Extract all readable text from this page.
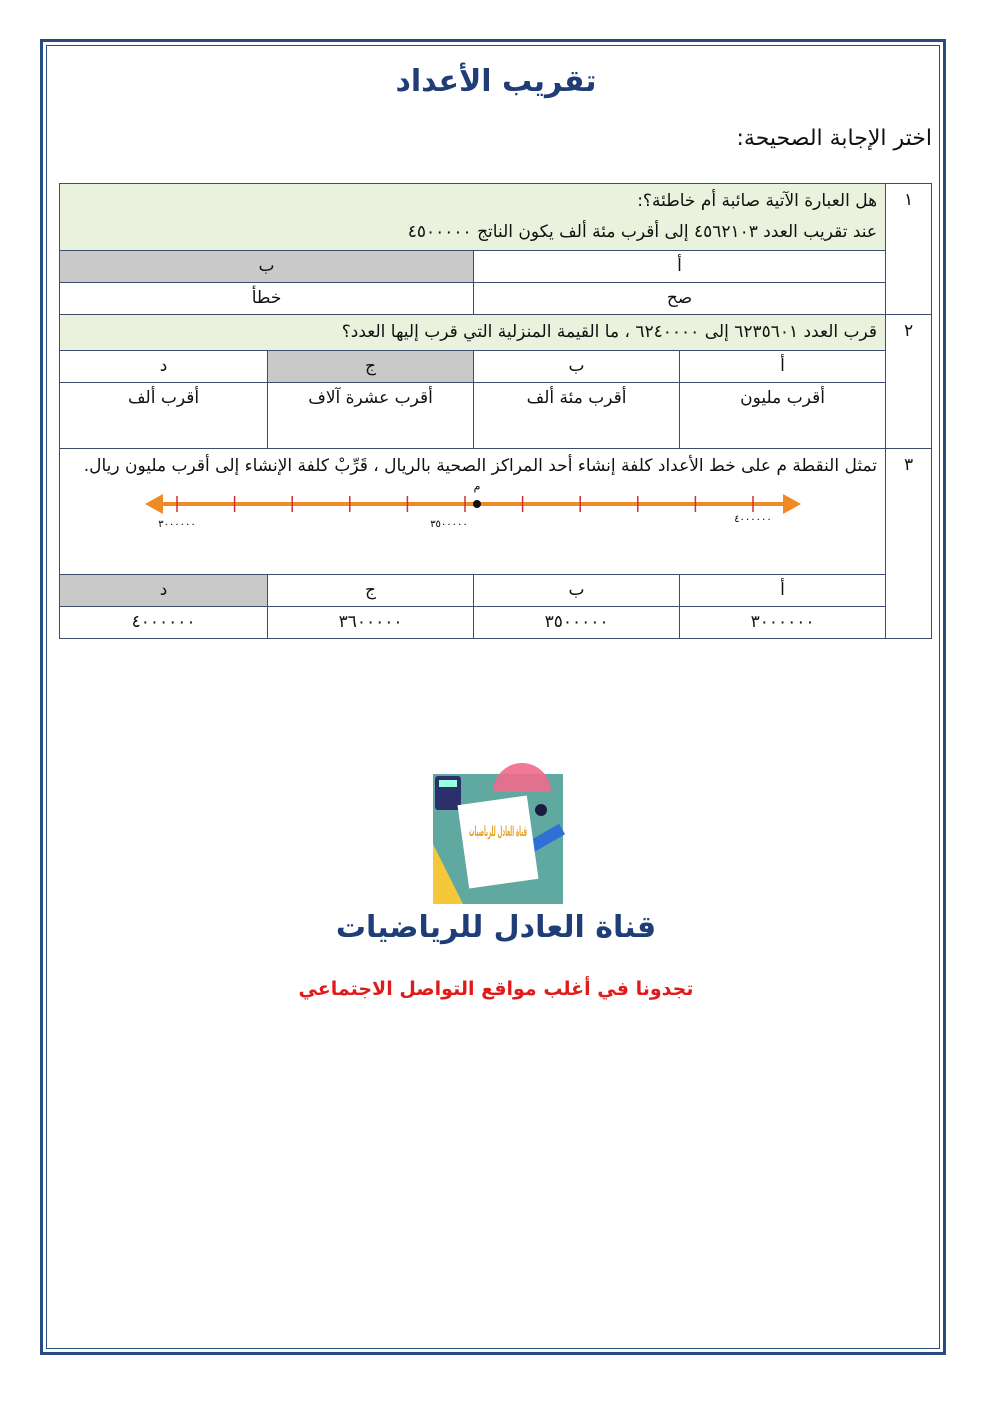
تقريب الأعداد
اختر الإجابة الصحيحة:
١	هل العبارة الآتية صائبة أم خاطئة؟:
عند تقريب العدد ٤٥٦٢١٠٣ إلى أقرب مئة ألف يكون الناتج ٤٥٠٠٠٠٠			

	أ		ب	
	صح		خطأ	
٢	قرب العدد ٦٢٣٥٦٠١ إلى ٦٢٤٠٠٠٠ ، ما القيمة المنزلية التي قرب إليها العدد؟			
	أ	ب	ج	د
	أقرب مليون	أقرب مئة ألف	أقرب عشرة آلاف	أقرب ألف
٣	تمثل النقطة م على خط الأعداد كلفة إنشاء أحد المراكز الصحية بالريال ، قَرِّبْ كلفة الإنشاء إلى أقرب مليون ريال.
م
٣٠٠٠٠٠٠ ٣٥٠٠٠٠٠ ٤٠٠٠٠٠٠			

	أ	ب	ج	د
	٣٠٠٠٠٠٠	٣٥٠٠٠٠٠	٣٦٠٠٠٠٠	٤٠٠٠٠٠٠
قناة العادل للرياضيات
قناة العادل للرياضيات
تجدونا في أغلب مواقع التواصل الاجتماعي
